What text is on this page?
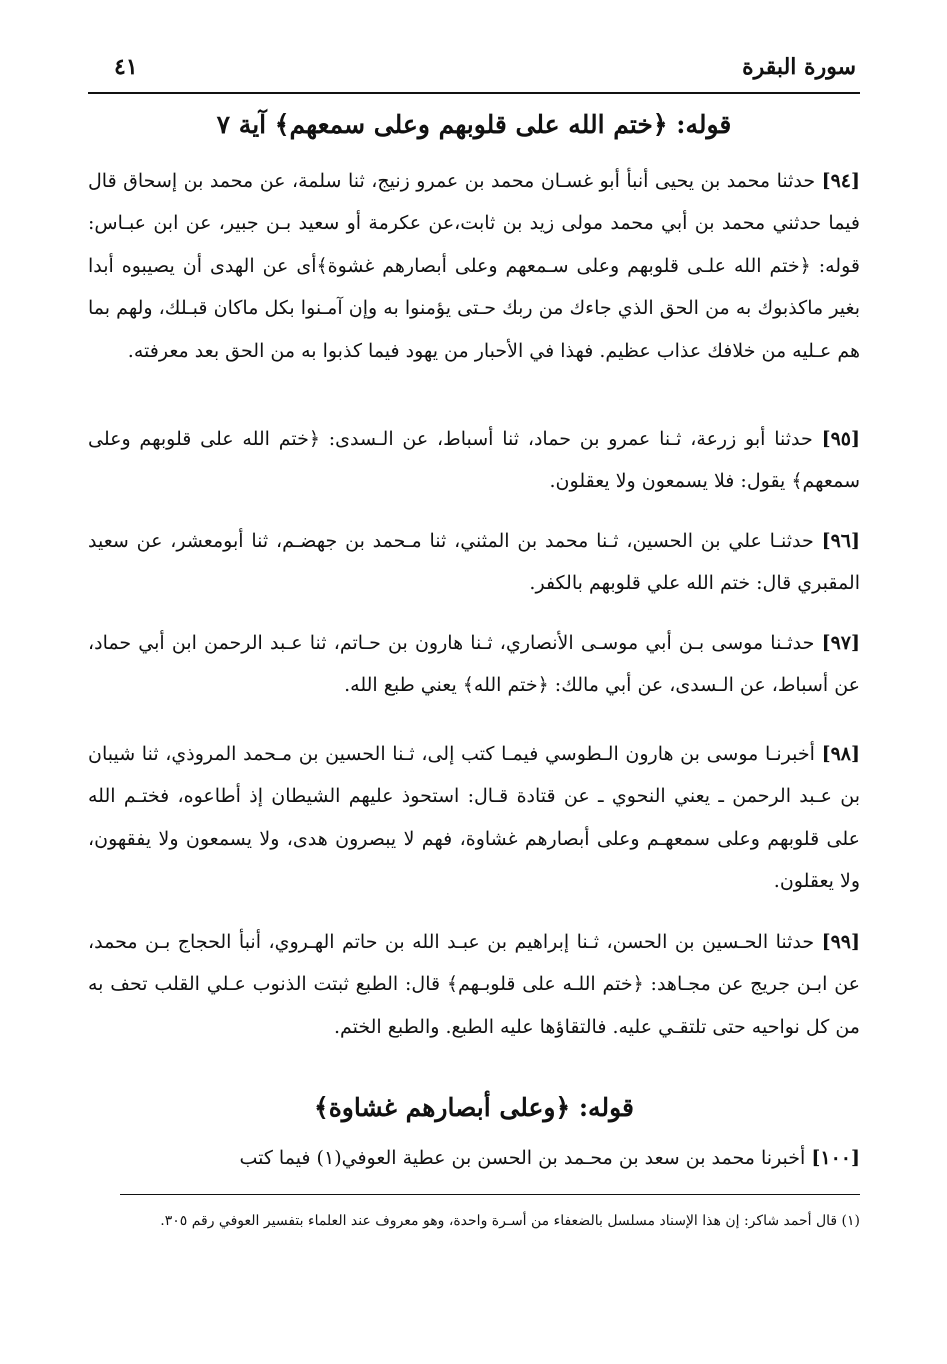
سورة البقرة
٤١
قوله: ﴿ختم الله على قلوبهم وعلى سمعهم﴾ آية ٧

[٩٤] حدثنا محمد بن يحيى أنبأ أبو غسـان محمد بن عمرو زنيج، ثنا سلمة، عن محمد بن إسحاق قال فيما حدثني محمد بن أبي محمد مولى زيد بن ثابت،عن عكرمة أو سعيد بـن جبير، عن ابن عبـاس: قوله: ﴿ختم الله علـى قلوبهم وعلى سـمعهم وعلى أبصارهم غشوة﴾أى عن الهدى أن يصيبوه أبدا بغير ماكذبوك به من الحق الذي جاءك من ربك حـتى يؤمنوا به وإن آمـنوا بكل ماكان قبـلك، ولهم بما هم عـليه من خلافك عذاب عظيم. فهذا في الأحبار من يهود فيما كذبوا به من الحق بعد معرفته.

[٩٥] حدثنا أبو زرعة، ثـنا عمرو بن حماد، ثنا أسباط، عن الـسدى: ﴿ختم الله على قلوبهم وعلى سمعهم﴾ يقول: فلا يسمعون ولا يعقلون.

[٩٦] حدثنـا علي بن الحسين، ثـنا محمد بن المثني، ثنا مـحمد بن جهضـم، ثنا أبومعشر، عن سعيد المقبري قال: ختم الله علي قلوبهم بالكفر.

[٩٧] حدثـنا موسى بـن أبي موسـى الأنصاري، ثـنا هارون بن حـاتم، ثنا عـبد الرحمن ابن أبي حماد، عن أسباط، عن الـسدى، عن أبي مالك: ﴿ختم الله﴾ يعني طبع الله.

[٩٨] أخبرنـا موسى بن هارون الـطوسي فيمـا كتب إلى، ثـنا الحسين بن مـحمد المروذي، ثنا شيبان بن عـبد الرحمن ـ يعني النحوي ـ عن قتادة قـال: استحوذ عليهم الشيطان إذ أطاعوه، فختـم الله على قلوبهم وعلى سمعهـم وعلى أبصارهم غشاوة، فهم لا يبصرون هدى، ولا يسمعون ولا يفقهون، ولا يعقلون.

[٩٩] حدثنا الحـسين بن الحسن، ثـنا إبراهيم بن عبـد الله بن حاتم الهـروي، أنبأ الحجاج بـن محمد، عن ابـن جريج عن مجـاهد: ﴿ختم اللـه على قلوبـهم﴾ قال: الطبع ثبتت الذنوب عـلي القلب تحف به من كل نواحيه حتى تلتقـي عليه. فالتقاؤها عليه الطبع. والطبع الختم.

قوله: ﴿وعلى أبصارهم غشاوة﴾

[١٠٠] أخبرنا محمد بن سعد بن محـمد بن الحسن بن عطية العوفي(١) فيما كتب

(١) قال أحمد شاكر: إن هذا الإسناد مسلسل بالضعفاء من أسـرة واحدة، وهو معروف عند العلماء بتفسير العوفي رقم ٣٠٥.
